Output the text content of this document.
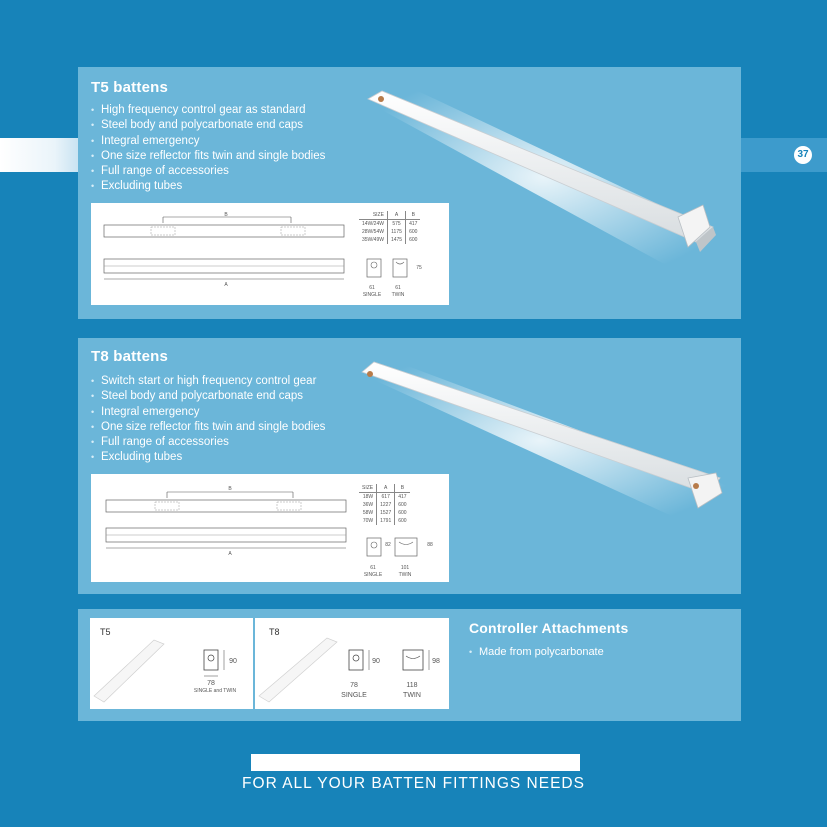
37
T5 battens
• High frequency control gear as standard
• Steel body and polycarbonate end caps
• Integral emergency
• One size reflector fits twin and single bodies
• Full range of accessories
• Excluding tubes
B
A
SIZE	A	B
14W/24W	575	417
28W/54W	1175	600
35W/49W	1475	600
75
61	61
SINGLE	TWIN
T8 battens
• Switch start or high frequency control gear
• Steel body and polycarbonate end caps
• Integral emergency
• One size reflector fits twin and single bodies
• Full range of accessories
• Excluding tubes
B
A
SIZE	A	B
18W	617	417
36W	1227	600
58W	1527	600
70W	1791	600
82	88
61	101
SINGLE	TWIN
T5
90
78
SINGLE and TWIN
T8
90	98
78	118
SINGLE	TWIN
Controller Attachments
• Made from polycarbonate
FOR ALL YOUR BATTEN FITTINGS NEEDS
